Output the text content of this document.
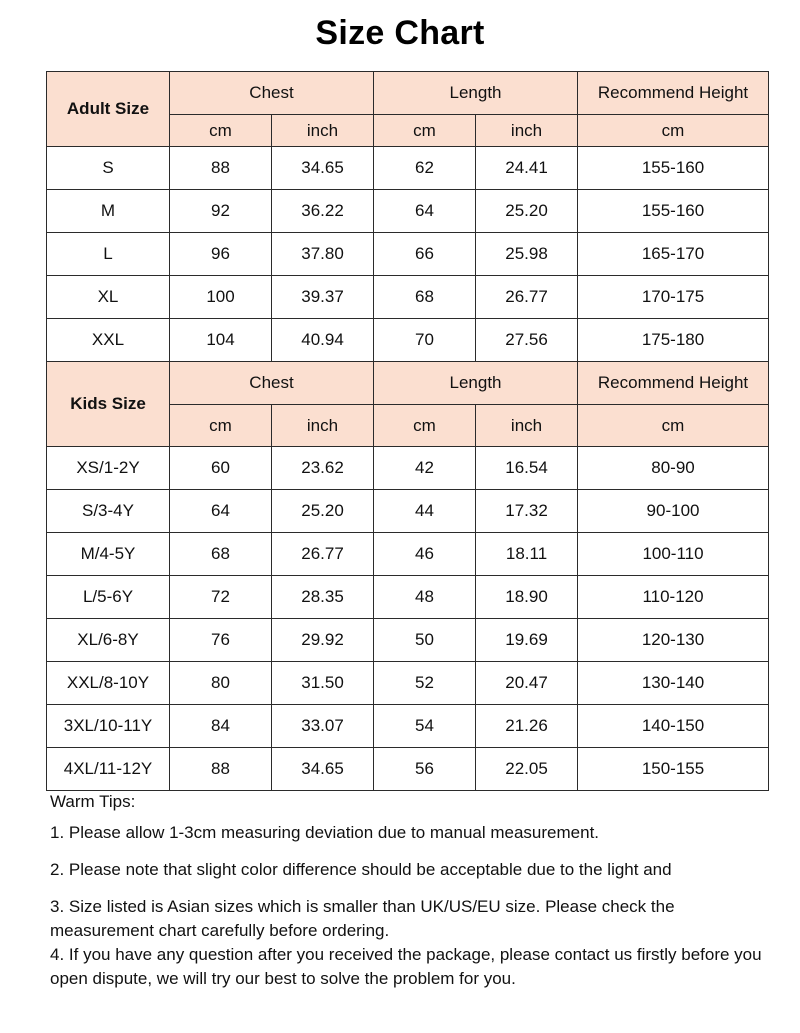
Size Chart
Adult Size	Chest		Length		Recommend Height
	cm	inch	cm	inch	cm
S	88	34.65	62	24.41	155-160
M	92	36.22	64	25.20	155-160
L	96	37.80	66	25.98	165-170
XL	100	39.37	68	26.77	170-175
XXL	104	40.94	70	27.56	175-180
Kids Size	Chest		Length		Recommend Height
	cm	inch	cm	inch	cm
XS/1-2Y	60	23.62	42	16.54	80-90
S/3-4Y	64	25.20	44	17.32	90-100
M/4-5Y	68	26.77	46	18.11	100-110
L/5-6Y	72	28.35	48	18.90	110-120
XL/6-8Y	76	29.92	50	19.69	120-130
XXL/8-10Y	80	31.50	52	20.47	130-140
3XL/10-11Y	84	33.07	54	21.26	140-150
4XL/11-12Y	88	34.65	56	22.05	150-155

Warm Tips:

1. Please allow 1-3cm measuring deviation due to manual measurement.

2. Please note that slight color difference should be acceptable due to the light and

3. Size listed is Asian sizes which is smaller than UK/US/EU size. Please check the measurement chart carefully before ordering.

4. If you have any question after you received the package, please contact us firstly before you open dispute, we will try our best to solve the problem for you.
